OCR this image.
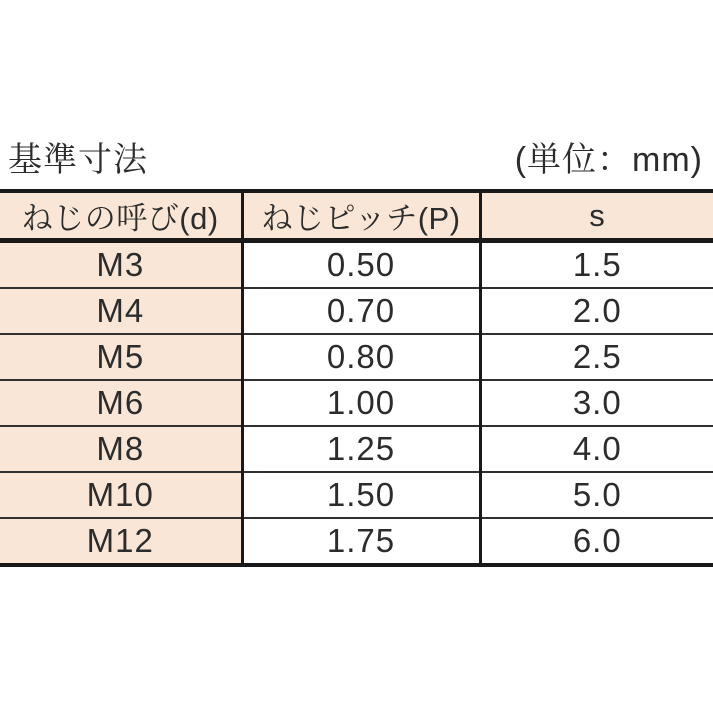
基準寸法	(単位：mm)
ねじの呼び(d)	ねじピッチ(P)	s
M3	0.50	1.5
M4	0.70	2.0
M5	0.80	2.5
M6	1.00	3.0
M8	1.25	4.0
M10	1.50	5.0
M12	1.75	6.0
